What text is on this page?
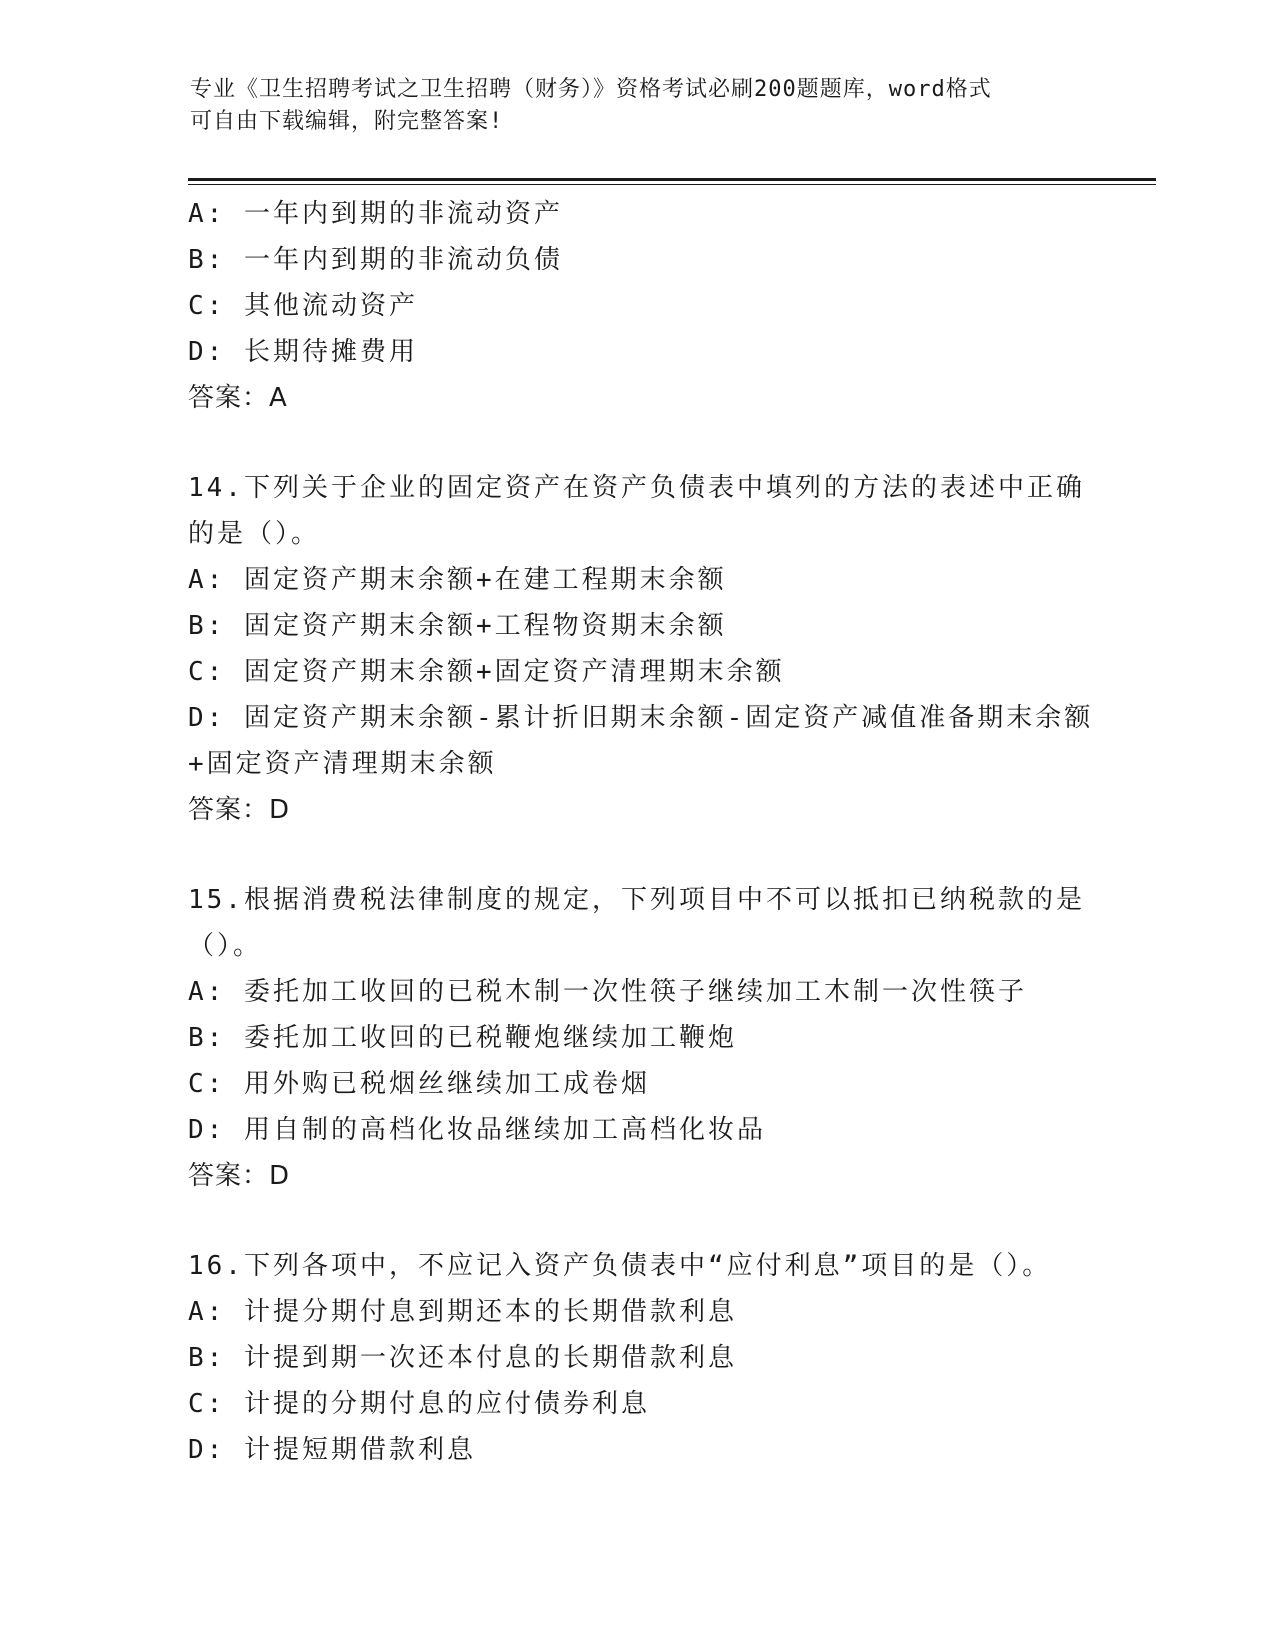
专业《卫生招聘考试之卫生招聘（财务）》资格考试必刷200题题库，word格式
可自由下载编辑，附完整答案!
A: 一年内到期的非流动资产
B: 一年内到期的非流动负债
C: 其他流动资产
D: 长期待摊费用
答案：A
14.下列关于企业的固定资产在资产负债表中填列的方法的表述中正确
的是（）。
A: 固定资产期末余额+在建工程期末余额
B: 固定资产期末余额+工程物资期末余额
C: 固定资产期末余额+固定资产清理期末余额
D: 固定资产期末余额-累计折旧期末余额-固定资产减值准备期末余额
+固定资产清理期末余额
答案：D
15.根据消费税法律制度的规定，下列项目中不可以抵扣已纳税款的是
（）。
A: 委托加工收回的已税木制一次性筷子继续加工木制一次性筷子
B: 委托加工收回的已税鞭炮继续加工鞭炮
C: 用外购已税烟丝继续加工成卷烟
D: 用自制的高档化妆品继续加工高档化妆品
答案：D
16.下列各项中，不应记入资产负债表中“应付利息”项目的是（）。
A: 计提分期付息到期还本的长期借款利息
B: 计提到期一次还本付息的长期借款利息
C: 计提的分期付息的应付债券利息
D: 计提短期借款利息
